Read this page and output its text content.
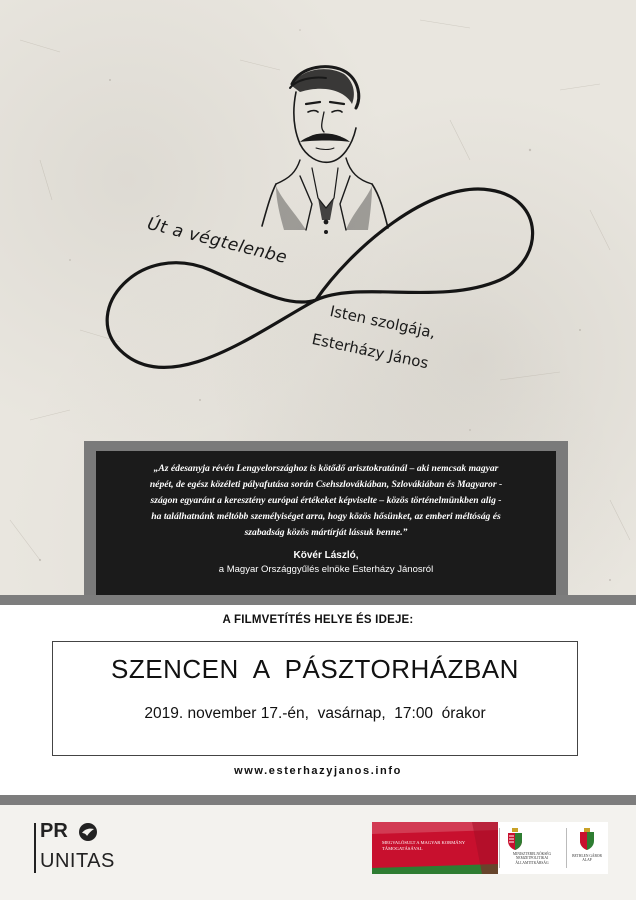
Út a végtelenbe
Isten szolgája,
Esterházy János
„Az édesanyja révén Lengyelországhoz is kötődő arisztokratánál – aki nemcsak magyar
népét, de egész közéleti pályafutása során Csehszlovákiában, Szlovákiában és Magyaror -
szágon egyaránt a keresztény európai értékeket képviselte – közös történelmünkben alig -
ha találhatnánk méltóbb személyiséget arra, hogy közös hősünket, az emberi méltóság és
szabadság közös mártírját lássuk benne.”
Kövér László,
a Magyar Országgyűlés elnöke Esterházy Jánosról
A FILMVETÍTÉS HELYE ÉS IDEJE:
SZENCEN  A  PÁSZTORHÁZBAN
2019. november 17.-én,  vasárnap,  17:00  órakor
www.esterhazyjanos.info
PR
UNITAS
MEGVALÓSULT A MAGYAR KORMÁNY TÁMOGATÁSÁVAL
MINISZTERELNÖKSÉG NEMZETPOLITIKAI ÁLLAMTITKÁRSÁG
BETHLEN GÁBOR ALAP
